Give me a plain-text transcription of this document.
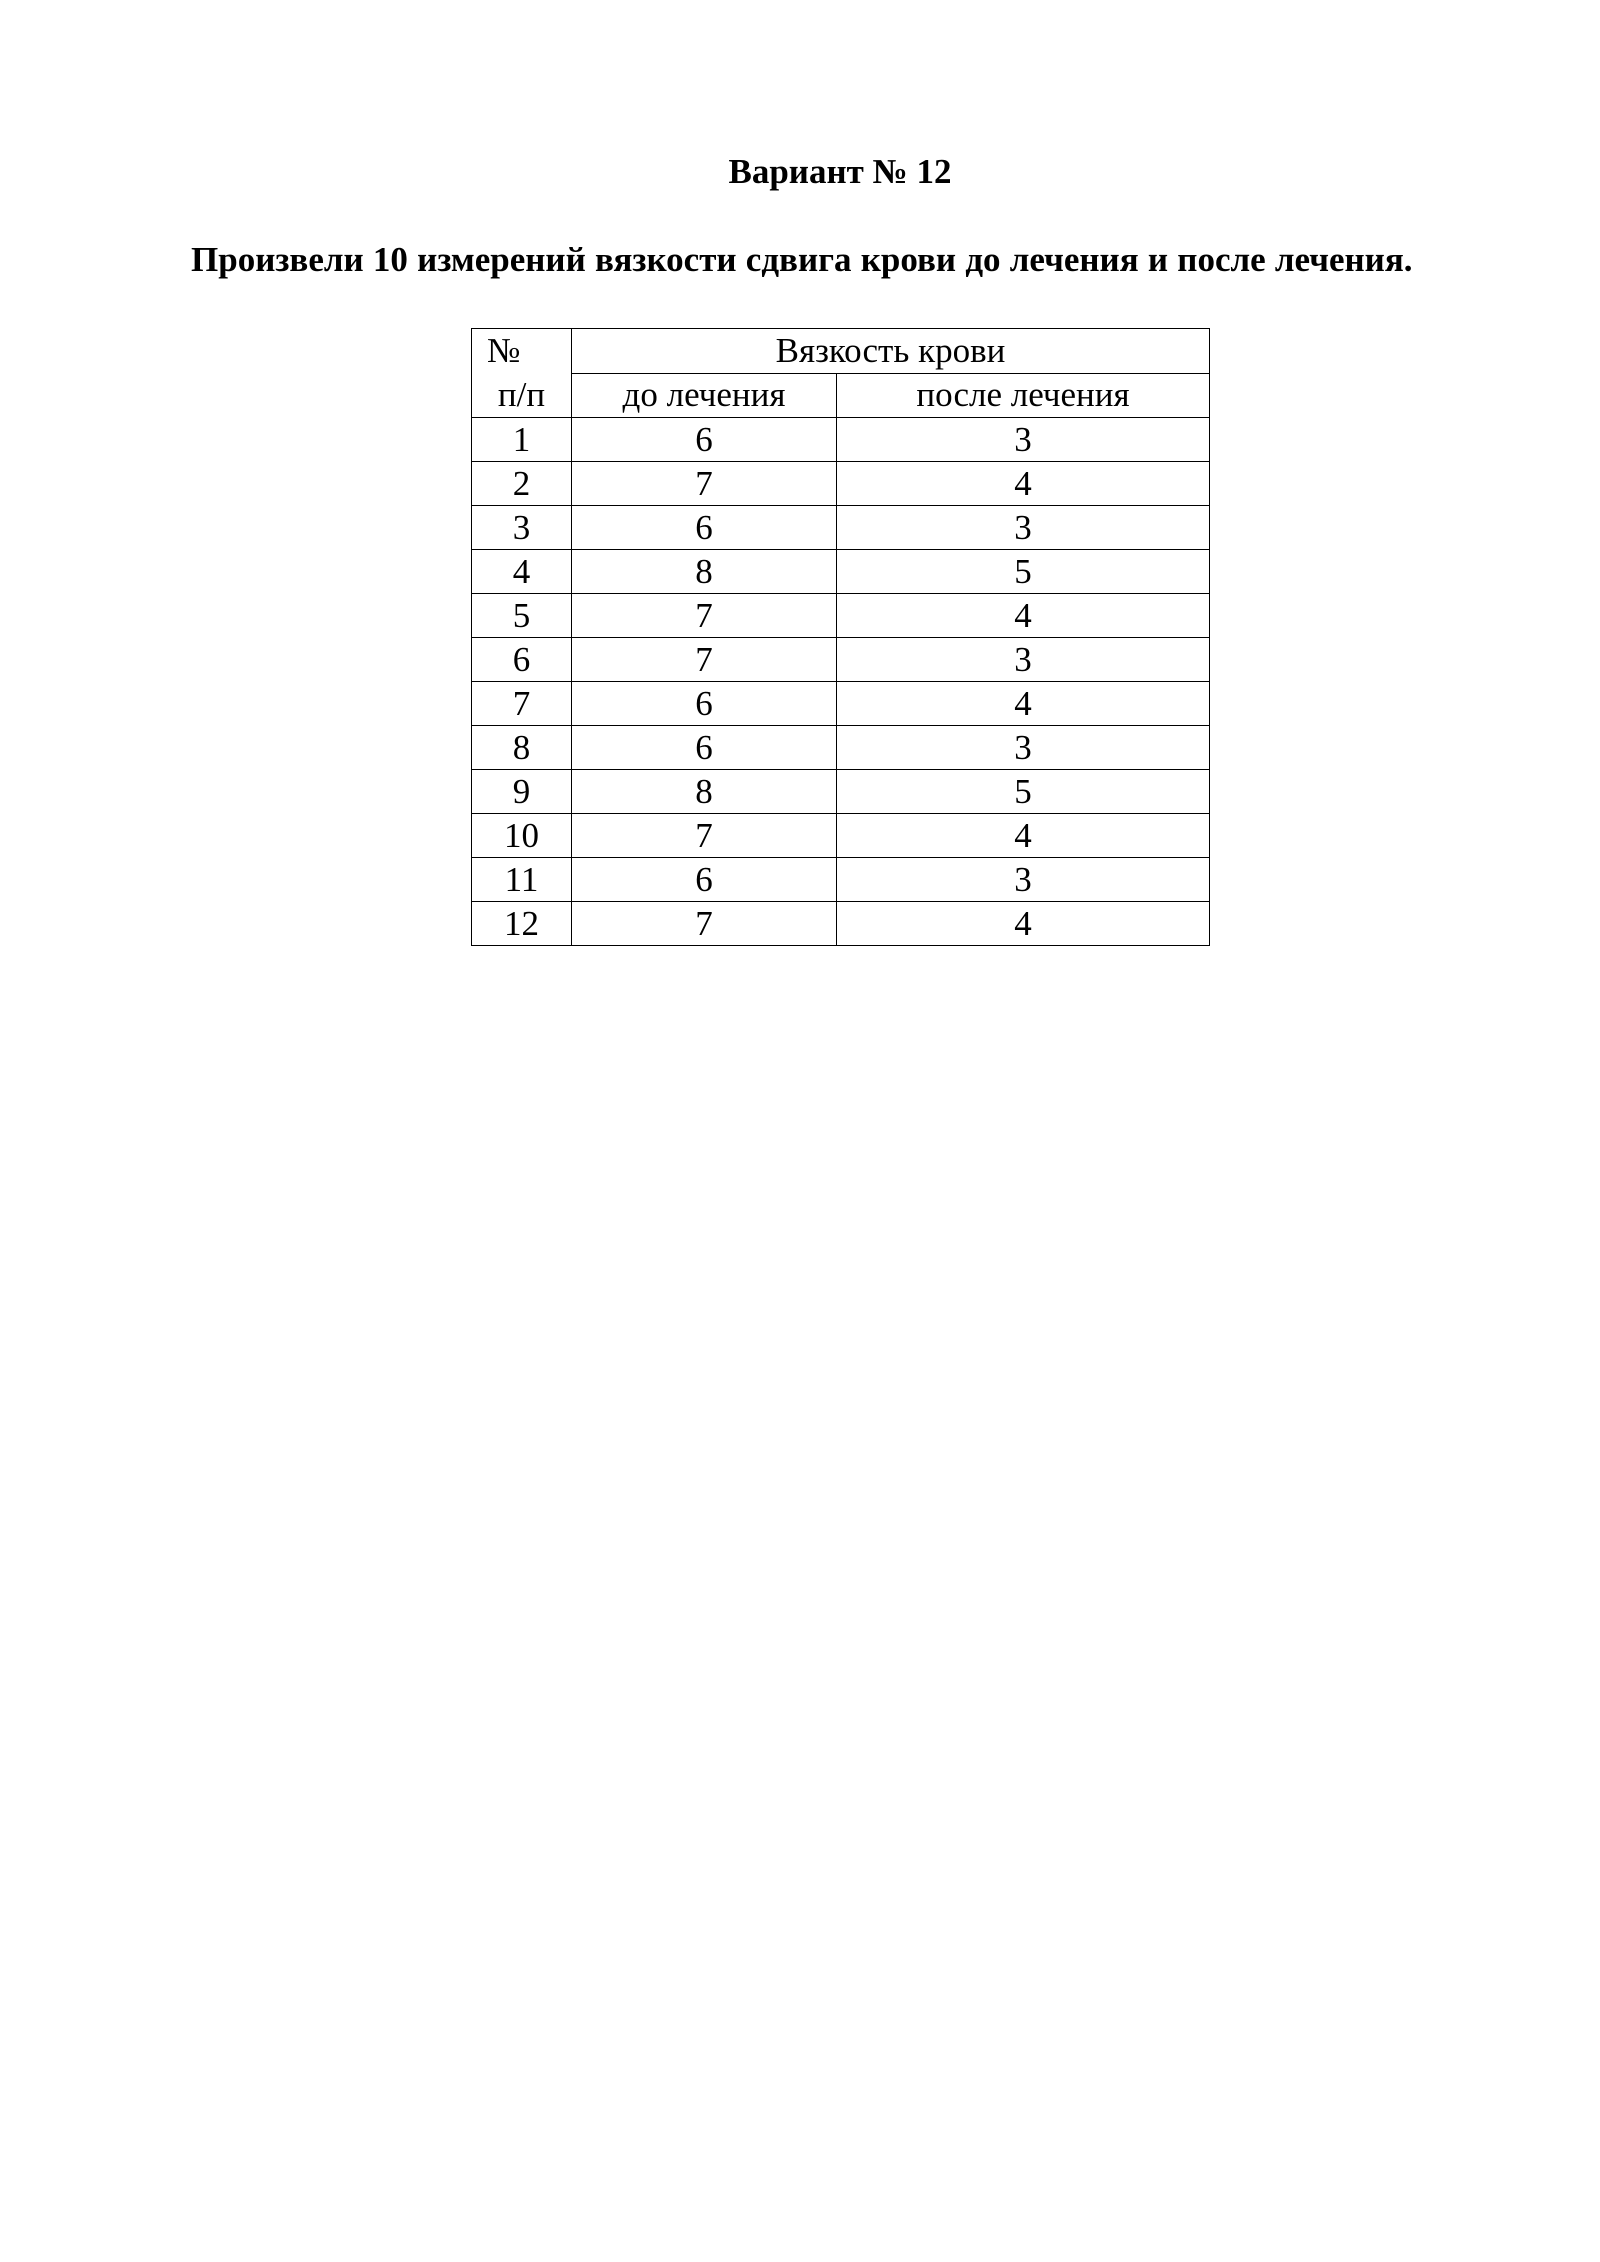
Вариант № 12

Произвели 10 измерений вязкости сдвига крови до лечения и после лечения.

№
п/п	Вязкость крови	
	до лечения	после лечения
1	6	3
2	7	4
3	6	3
4	8	5
5	7	4
6	7	3
7	6	4
8	6	3
9	8	5
10	7	4
11	6	3
12	7	4
